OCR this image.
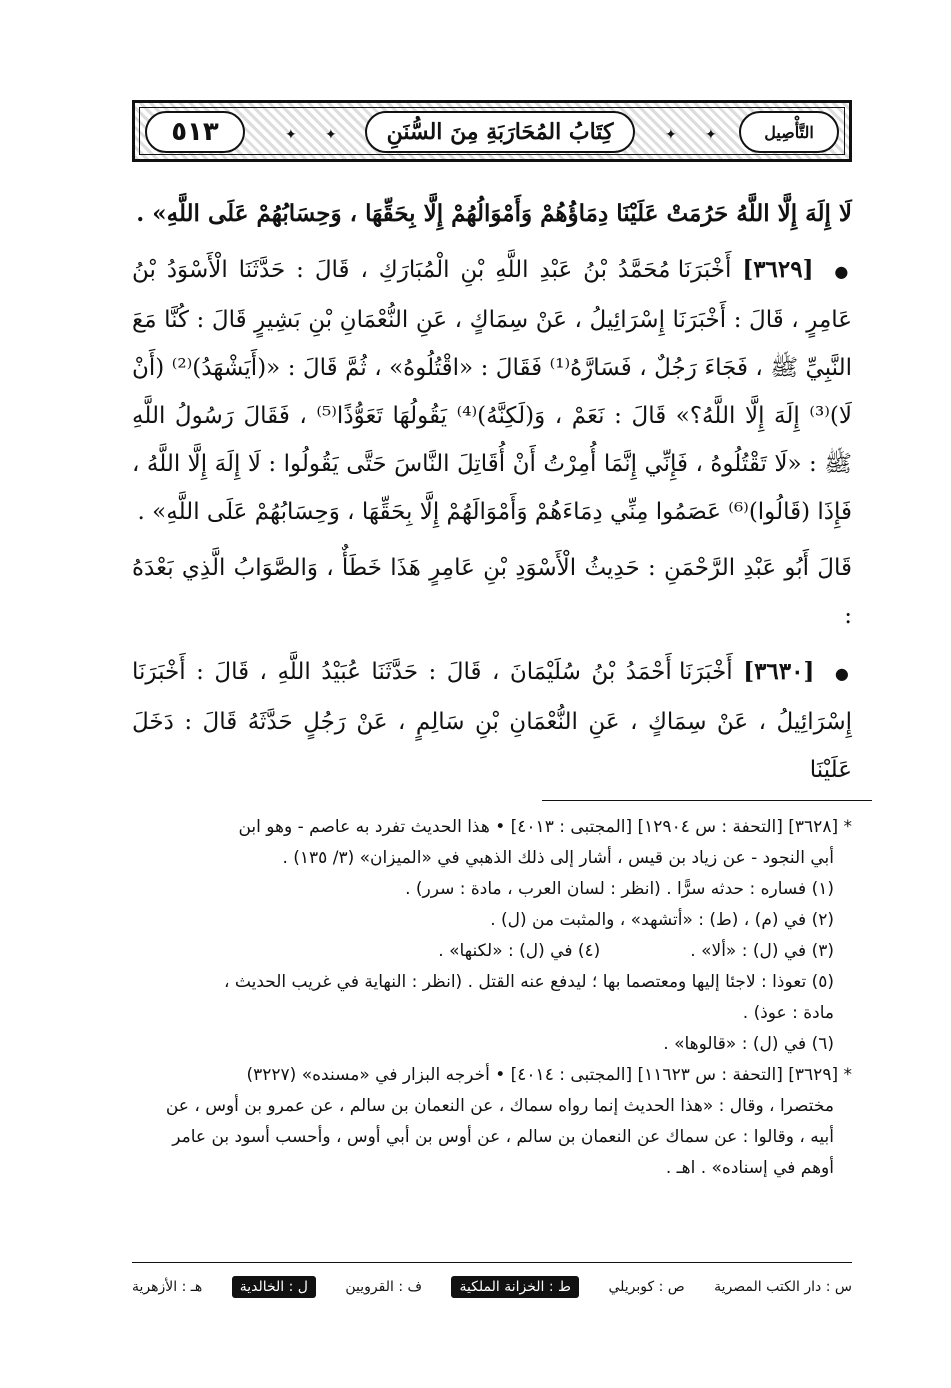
٥١٣	✦ ✦ كِتَابُ المُحَارَبَةِ مِنَ السُّنَنِ	✦ ✦	التَّأْصِيل

لَا إِلَهَ إِلَّا اللَّهُ حَرُمَتْ عَلَيْنَا دِمَاؤُهُمْ وَأَمْوَالُهُمْ إِلَّا بِحَقِّهَا ، وَحِسَابُهُمْ عَلَى اللَّهِ» .

● [٣٦٢٩] أَخْبَرَنَا مُحَمَّدُ بْنُ عَبْدِ اللَّهِ بْنِ الْمُبَارَكِ ، قَالَ : حَدَّثَنَا الْأَسْوَدُ بْنُ عَامِرٍ ، قَالَ : أَخْبَرَنَا إِسْرَائِيلُ ، عَنْ سِمَاكٍ ، عَنِ النُّعْمَانِ بْنِ بَشِيرٍ قَالَ : كُنَّا مَعَ النَّبِيِّ ﷺ ، فَجَاءَ رَجُلٌ ، فَسَارَّهُ⁽¹⁾ فَقَالَ : «اقْتُلُوهُ» ، ثُمَّ قَالَ : «(أَيَشْهَدُ)⁽²⁾ (أَنْ لَا)⁽³⁾ إِلَهَ إِلَّا اللَّهُ؟» قَالَ : نَعَمْ ، وَ(لَكِنَّهُ)⁽⁴⁾ يَقُولُهَا تَعَوُّذًا⁽⁵⁾ ، فَقَالَ رَسُولُ اللَّهِ ﷺ : «لَا تَقْتُلُوهُ ، فَإِنِّي إِنَّمَا أُمِرْتُ أَنْ أُقَاتِلَ النَّاسَ حَتَّى يَقُولُوا : لَا إِلَهَ إِلَّا اللَّهُ ، فَإِذَا (قَالُوا)⁽⁶⁾ عَصَمُوا مِنِّي دِمَاءَهُمْ وَأَمْوَالَهُمْ إِلَّا بِحَقِّهَا ، وَحِسَابُهُمْ عَلَى اللَّهِ» .

قَالَ أَبُو عَبْدِ الرَّحْمَنِ : حَدِيثُ الْأَسْوَدِ بْنِ عَامِرٍ هَذَا خَطَأٌ ، وَالصَّوَابُ الَّذِي بَعْدَهُ :

● [٣٦٣٠] أَخْبَرَنَا أَحْمَدُ بْنُ سُلَيْمَانَ ، قَالَ : حَدَّثَنَا عُبَيْدُ اللَّهِ ، قَالَ : أَخْبَرَنَا إِسْرَائِيلُ ، عَنْ سِمَاكٍ ، عَنِ النُّعْمَانِ بْنِ سَالِمٍ ، عَنْ رَجُلٍ حَدَّثَهُ قَالَ : دَخَلَ عَلَيْنَا

* [٣٦٢٨] [التحفة : س ١٢٩٠٤] [المجتبى : ٤٠١٣] • هذا الحديث تفرد به عاصم - وهو ابن

أبي النجود - عن زياد بن قيس ، أشار إلى ذلك الذهبي في «الميزان» (٣/ ١٣٥) .

(١) فساره : حدثه سرًّا . (انظر : لسان العرب ، مادة : سرر) .

(٢) في (م) ، (ط) : «أتشهد» ، والمثبت من (ل) .

(٣) في (ل) : «ألا» .
(٤) في (ل) : «لكنها» .

(٥) تعوذا : لاجئا إليها ومعتصما بها ؛ ليدفع عنه القتل . (انظر : النهاية في غريب الحديث ،

مادة : عوذ) .

(٦) في (ل) : «قالوها» .

* [٣٦٢٩] [التحفة : س ١١٦٢٣] [المجتبى : ٤٠١٤] • أخرجه البزار في «مسنده» (٣٢٢٧)

مختصرا ، وقال : «هذا الحديث إنما رواه سماك ، عن النعمان بن سالم ، عن عمرو بن أوس ، عن

أبيه ، وقالوا : عن سماك عن النعمان بن سالم ، عن أوس بن أبي أوس ، وأحسب أسود بن عامر

أوهم في إسناده» . اهـ .

س : دار الكتب المصرية
ص : كوبريلي
ط : الخزانة الملكية
ف : القرويين
ل : الخالدية
هـ : الأزهرية
